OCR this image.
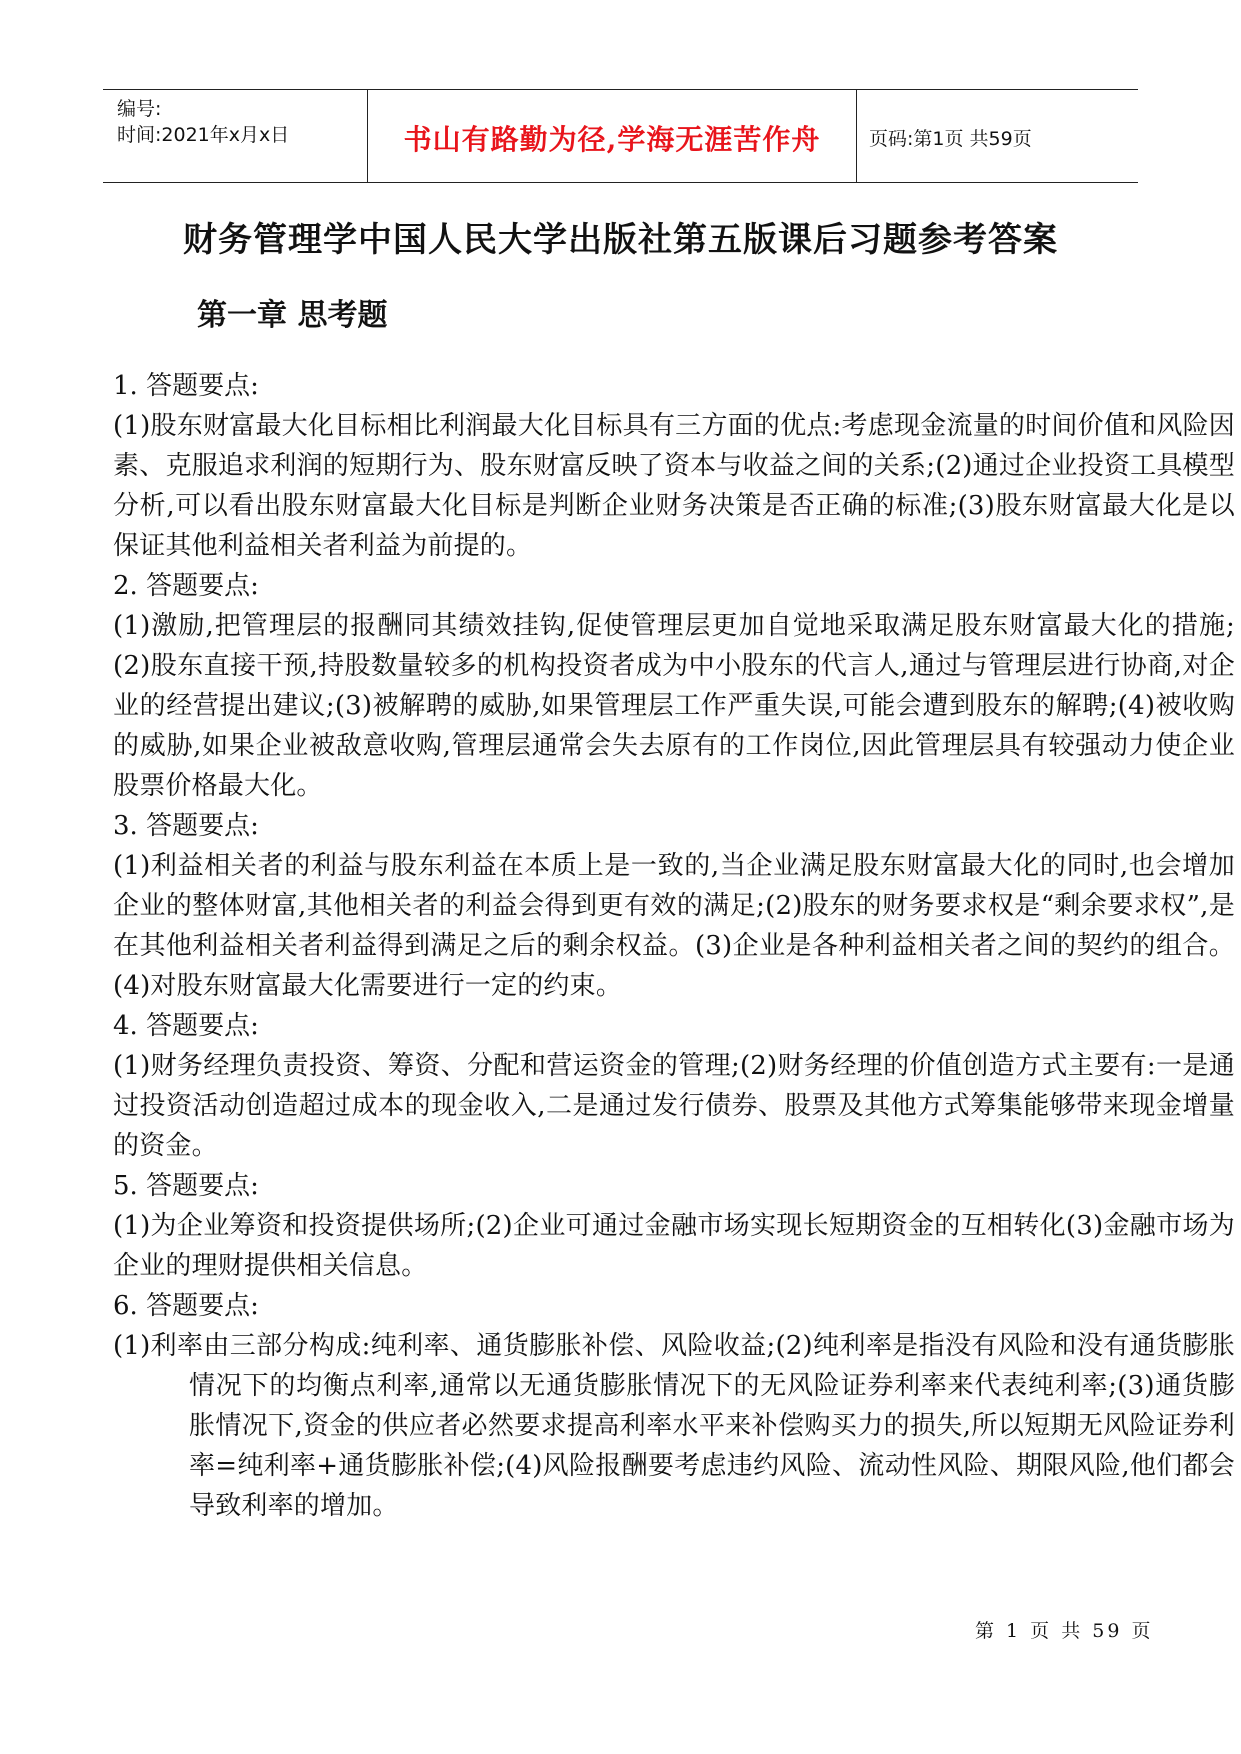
编号:
时间:2021年x月x日	书山有路勤为径,学海无涯苦作舟	页码:第1页 共59页
财务管理学中国人民大学出版社第五版课后习题参考答案
第一章 思考题

1. 答题要点:

(1)股东财富最大化目标相比利润最大化目标具有三方面的优点:考虑现金流量的时间价值和风险因素、克服追求利润的短期行为、股东财富反映了资本与收益之间的关系;(2)通过企业投资工具模型分析,可以看出股东财富最大化目标是判断企业财务决策是否正确的标准;(3)股东财富最大化是以保证其他利益相关者利益为前提的。

2. 答题要点:

(1)激励,把管理层的报酬同其绩效挂钩,促使管理层更加自觉地采取满足股东财富最大化的措施;(2)股东直接干预,持股数量较多的机构投资者成为中小股东的代言人,通过与管理层进行协商,对企业的经营提出建议;(3)被解聘的威胁,如果管理层工作严重失误,可能会遭到股东的解聘;(4)被收购的威胁,如果企业被敌意收购,管理层通常会失去原有的工作岗位,因此管理层具有较强动力使企业股票价格最大化。

3. 答题要点:

(1)利益相关者的利益与股东利益在本质上是一致的,当企业满足股东财富最大化的同时,也会增加企业的整体财富,其他相关者的利益会得到更有效的满足;(2)股东的财务要求权是“剩余要求权”,是在其他利益相关者利益得到满足之后的剩余权益。(3)企业是各种利益相关者之间的契约的组合。(4)对股东财富最大化需要进行一定的约束。

4. 答题要点:

(1)财务经理负责投资、筹资、分配和营运资金的管理;(2)财务经理的价值创造方式主要有:一是通过投资活动创造超过成本的现金收入,二是通过发行债券、股票及其他方式筹集能够带来现金增量的资金。

5. 答题要点:

(1)为企业筹资和投资提供场所;(2)企业可通过金融市场实现长短期资金的互相转化(3)金融市场为企业的理财提供相关信息。

6. 答题要点:

(1)利率由三部分构成:纯利率、通货膨胀补偿、风险收益;(2)纯利率是指没有风险和没有通货膨胀情况下的均衡点利率,通常以无通货膨胀情况下的无风险证券利率来代表纯利率;(3)通货膨胀情况下,资金的供应者必然要求提高利率水平来补偿购买力的损失,所以短期无风险证券利率=纯利率+通货膨胀补偿;(4)风险报酬要考虑违约风险、流动性风险、期限风险,他们都会导致利率的增加。

第 1 页 共 59 页
